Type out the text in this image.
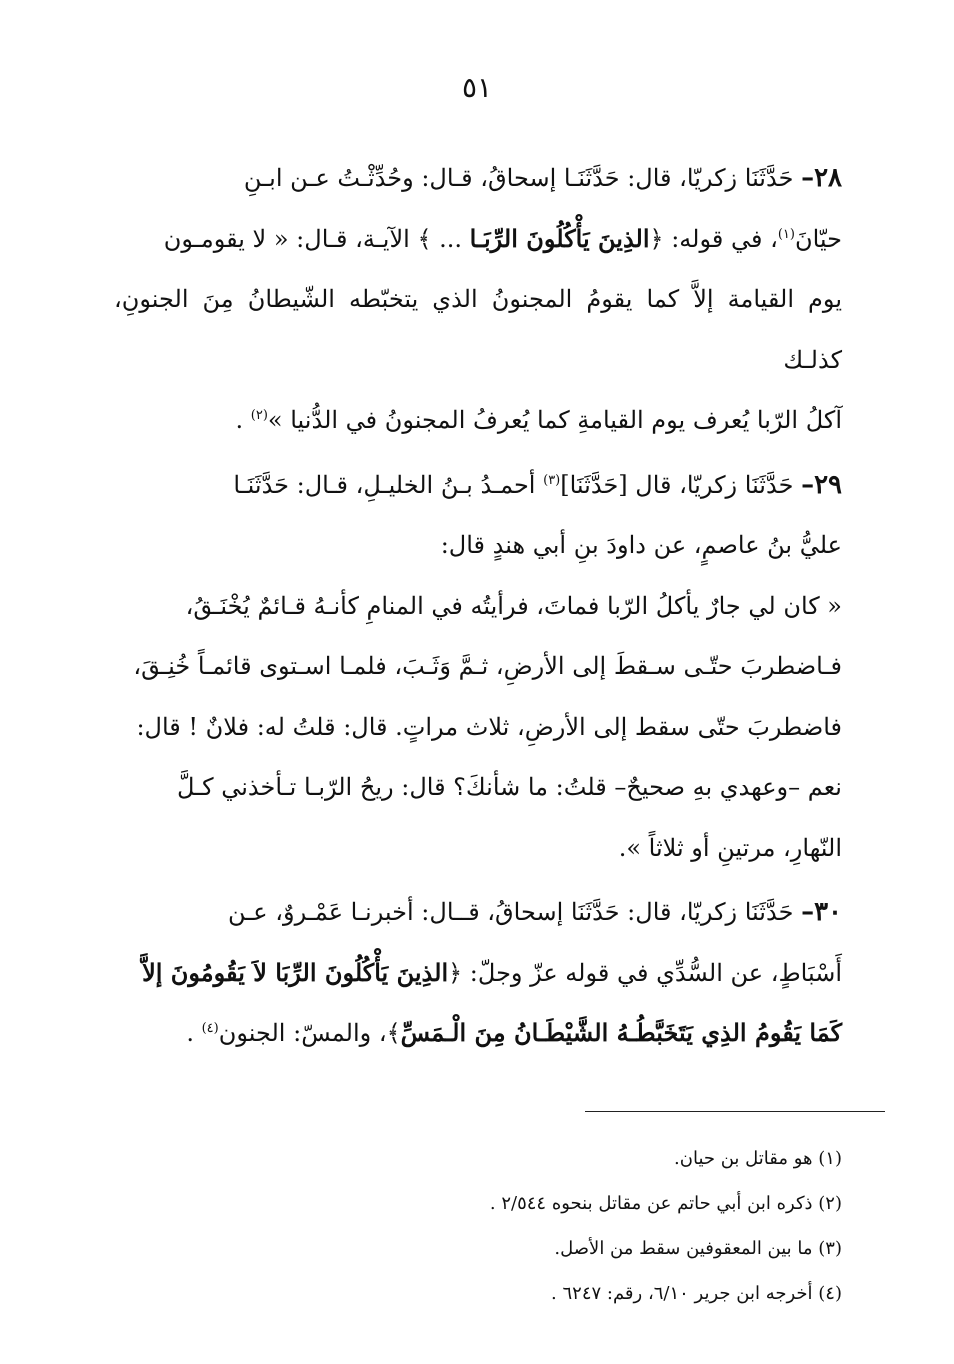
٥١
٢٨– حَدَّثَنَا زكريّا، قال: حَدَّثَنَـا إسحاقُ، قـال: وحُدِّثْـتُ عـن ابـنِ
حيّانَ$^{(١)}$، في قوله: ﴿الذِينَ يَأْكُلُونَ الرِّبَـا ... ﴾ الآيـة، قـال: « لا يقومـون
يوم القيامة إلاَّ كما يقومُ المجنونُ الذي يتخبّطه الشّيطانُ مِنَ الجنونِ، كذلـك
آكلُ الرّبا يُعرف يوم القيامةِ كما يُعرفُ المجنونُ في الدُّنيا »$^{(٢)}$ .
٢٩– حَدَّثَنَا زكريّا، قال [حَدَّثَنَا]$^{(٣)}$ أحمـدُ بـنُ الخليـلِ، قـال: حَدَّثَنَـا
عليُّ بنُ عاصمٍ، عن داودَ بنِ أبي هندٍ قال:
« كان لي جارٌ يأكلُ الرّبا فماتَ، فرأيتُه في المنامِ كأنـهُ قـائمٌ يُخْنَـقُ،
فـاضطربَ حتّـى سـقطَ إلى الأرضِ، ثـمَّ وَثَـبَ، فلمـا اسـتوى قائمـاً خُنِـقَ،
فاضطربَ حتّى سقط إلى الأرضِ، ثلاث مراتٍ. قال: قلتُ له: فلانٌ ! قال:
نعم –وعهدي بهِ صحيحٌ– قلتُ: ما شأنكَ؟ قال: ريحُ الرّبـا تـأخذني كـلَّ
النّهارِ، مرتينِ أو ثلاثاً ».
٣٠– حَدَّثَنَا زكريّا، قال: حَدَّثَنَا إسحاقُ، قــال: أخبرنـا عَمْـروٌ، عـن
أَسْبَاطٍ، عن السُّدِّي في قوله عزّ وجلّ: ﴿الذِينَ يَأْكُلُونَ الرِّبَا لاَ يَقُومُونَ إلاَّ
كَمَا يَقُومُ الذِي يَتَخَبَّطُـهُ الشَّيْطَـانُ مِنَ الْـمَسِّ﴾، والمسّ: الجنون$^{(٤)}$ .

(١) هو مقاتل بن حيان.

(٢) ذكره ابن أبي حاتم عن مقاتل بنحوه ٢/٥٤٤ .

(٣) ما بين المعقوفين سقط من الأصل.

(٤) أخرجه ابن جرير ٦/١٠، رقم: ٦٢٤٧ .
